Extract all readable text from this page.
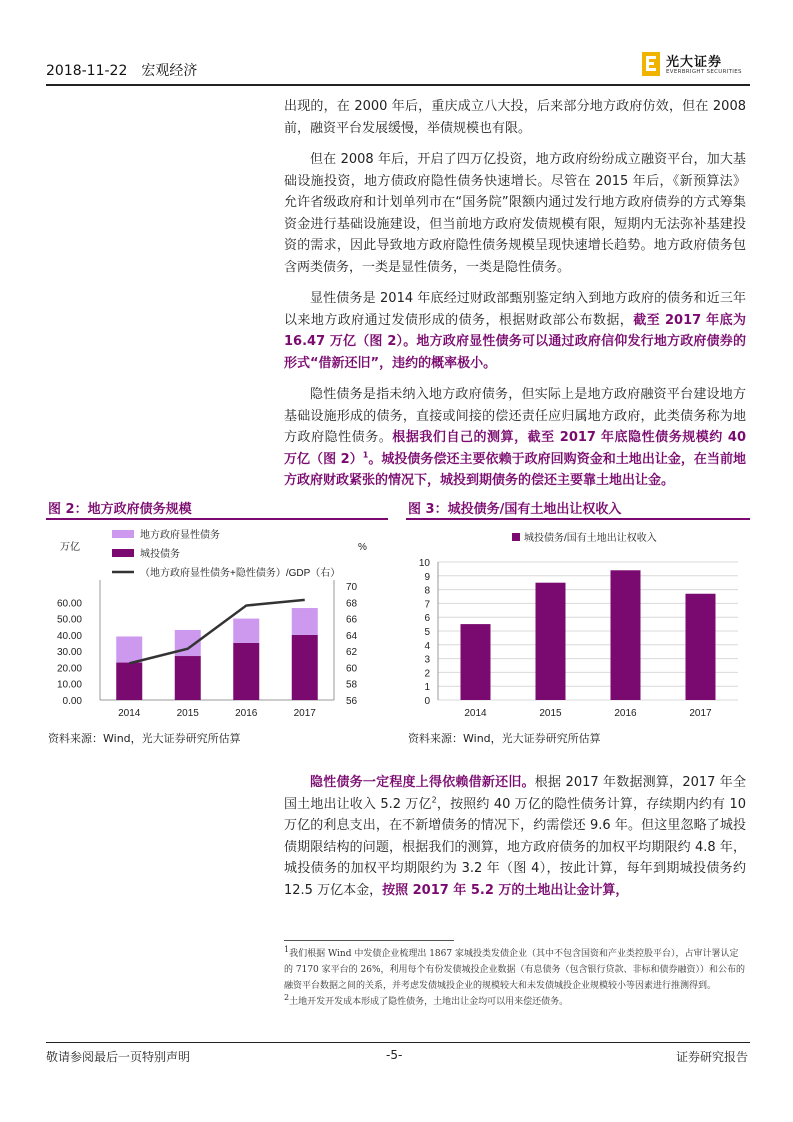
2018-11-22 宏观经济
光大证券
EVERBRIGHT SECURITIES

出现的，在 2000 年后，重庆成立八大投，后来部分地方政府仿效，但在 2008 前，融资平台发展缓慢，举债规模也有限。

但在 2008 年后，开启了四万亿投资，地方政府纷纷成立融资平台，加大基础设施投资，地方债政府隐性债务快速增长。尽管在 2015 年后，《新预算法》允许省级政府和计划单列市在“国务院”限额内通过发行地方政府债券的方式筹集资金进行基础设施建设，但当前地方政府发债规模有限，短期内无法弥补基建投资的需求，因此导致地方政府隐性债务规模呈现快速增长趋势。地方政府债务包含两类债务，一类是显性债务，一类是隐性债务。

显性债务是 2014 年底经过财政部甄别鉴定纳入到地方政府的债务和近三年以来地方政府通过发债形成的债务，根据财政部公布数据，截至 2017 年底为 16.47 万亿（图 2）。地方政府显性债务可以通过政府信仰发行地方政府债券的形式“借新还旧”，违约的概率极小。

隐性债务是指未纳入地方政府债务，但实际上是地方政府融资平台建设地方基础设施形成的债务，直接或间接的偿还责任应归属地方政府，此类债务称为地方政府隐性债务。根据我们自己的测算，截至 2017 年底隐性债务规模约 40 万亿（图 2）$^1$。城投债务偿还主要依赖于政府回购资金和土地出让金，在当前地方政府财政紧张的情况下，城投到期债务的偿还主要靠土地出让金。

图 2：地方政府债务规模
地方政府显性债务
城投债务
（地方政府显性债务+隐性债务）/GDP（右）
万亿	%
60.00
50.00
40.00
30.00
20.00
10.00
0.00
70
68
66
64
62
60
58
56
2014	2015	2016	2017
资料来源：Wind，光大证券研究所估算
图 3：城投债务/国有土地出让权收入
城投债务/国有土地出让权收入
10
9
8
7
6
5
4
3
2
1
0
2014	2015	2016	2017
资料来源：Wind，光大证券研究所估算

隐性债务一定程度上得依赖借新还旧。根据 2017 年数据测算，2017 年全国土地出让收入 5.2 万亿$^2$，按照约 40 万亿的隐性债务计算，存续期内约有 10 万亿的利息支出，在不新增债务的情况下，约需偿还 9.6 年。但这里忽略了城投债期限结构的问题，根据我们的测算，地方政府债务的加权平均期限约 4.8 年，城投债务的加权平均期限约为 3.2 年（图 4），按此计算，每年到期城投债务约 12.5 万亿本金，按照 2017 年 5.2 万的土地出让金计算，

$^1$我们根据 Wind 中发债企业梳理出 1867 家城投类发债企业（其中不包含国资和产业类控股平台），占审计署认定的 7170 家平台的 26%，利用每个有份发债城投企业数据（有息债务（包含银行贷款、非标和债券融资））和公布的融资平台数据之间的关系，并考虑发债城投企业的规模较大和未发债城投企业规模较小等因素进行推测得到。

$^2$土地开发开发成本形成了隐性债务，土地出让金均可以用来偿还债务。

敬请参阅最后一页特别声明	-5-	证券研究报告
